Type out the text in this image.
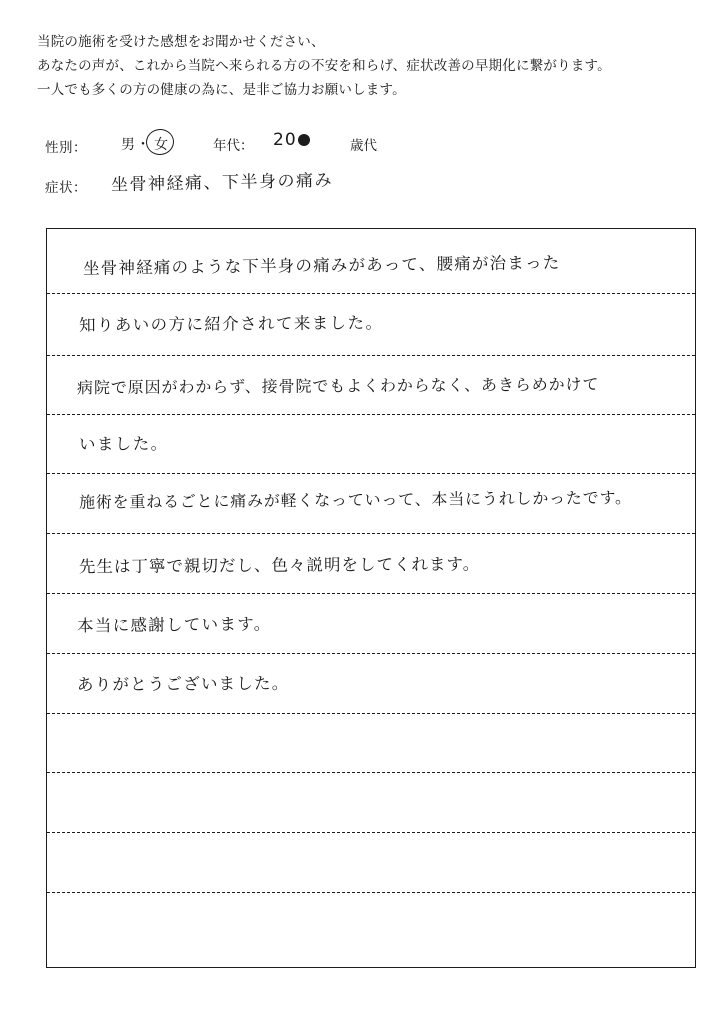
当院の施術を受けた感想をお聞かせください、
あなたの声が、これから当院へ来られる方の不安を和らげ、症状改善の早期化に繋がります。
一人でも多くの方の健康の為に、是非ご協力お願いします。
性別： 男・ 女	年代： 20	歳代
症状： 坐骨神経痛、下半身の痛み
坐骨神経痛のような下半身の痛みがあって、腰痛が治まった
知りあいの方に紹介されて来ました。
病院で原因がわからず、接骨院でもよくわからなく、あきらめかけて
いました。
施術を重ねるごとに痛みが軽くなっていって、本当にうれしかったです。
先生は丁寧で親切だし、色々説明をしてくれます。
本当に感謝しています。
ありがとうございました。
